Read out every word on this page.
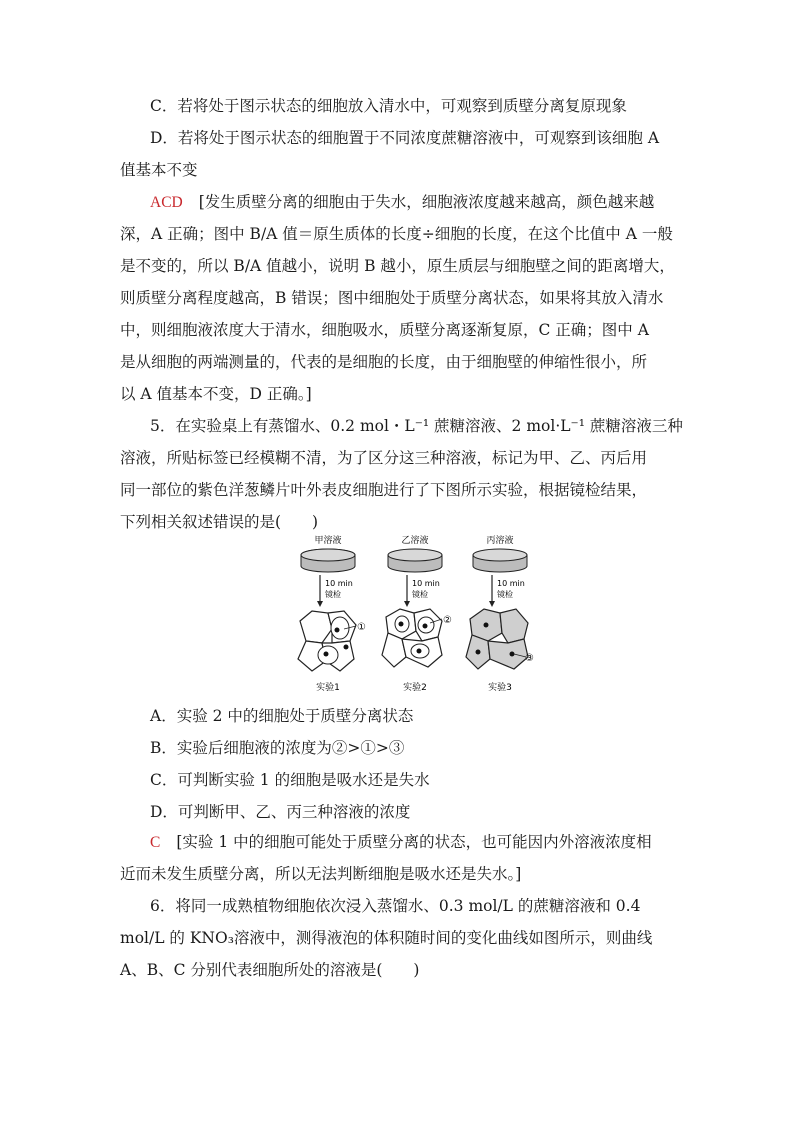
C．若将处于图示状态的细胞放入清水中，可观察到质壁分离复原现象
D．若将处于图示状态的细胞置于不同浓度蔗糖溶液中，可观察到该细胞 A
值基本不变
ACD [发生质壁分离的细胞由于失水，细胞液浓度越来越高，颜色越来越
深，A 正确；图中 B/A 值＝原生质体的长度÷细胞的长度，在这个比值中 A 一般
是不变的，所以 B/A 值越小，说明 B 越小，原生质层与细胞壁之间的距离增大，
则质壁分离程度越高，B 错误；图中细胞处于质壁分离状态，如果将其放入清水
中，则细胞液浓度大于清水，细胞吸水，质壁分离逐渐复原，C 正确；图中 A
是从细胞的两端测量的，代表的是细胞的长度，由于细胞壁的伸缩性很小，所
以 A 值基本不变，D 正确。]
5．在实验桌上有蒸馏水、0.2 mol・L⁻¹ 蔗糖溶液、2 mol·L⁻¹ 蔗糖溶液三种
溶液，所贴标签已经模糊不清，为了区分这三种溶液，标记为甲、乙、丙后用
同一部位的紫色洋葱鳞片叶外表皮细胞进行了下图所示实验，根据镜检结果，
下列相关叙述错误的是(　　)
甲溶液
10 min
镜检
①
实验1
乙溶液
10 min
镜检
②
实验2
丙溶液
10 min
镜检
③
实验3
A．实验 2 中的细胞处于质壁分离状态
B．实验后细胞液的浓度为②>①>③
C．可判断实验 1 的细胞是吸水还是失水
D．可判断甲、乙、丙三种溶液的浓度
C [实验 1 中的细胞可能处于质壁分离的状态，也可能因内外溶液浓度相
近而未发生质壁分离，所以无法判断细胞是吸水还是失水。]
6．将同一成熟植物细胞依次浸入蒸馏水、0.3 mol/L 的蔗糖溶液和 0.4
mol/L 的 KNO₃溶液中，测得液泡的体积随时间的变化曲线如图所示，则曲线
A、B、C 分别代表细胞所处的溶液是(　　)
